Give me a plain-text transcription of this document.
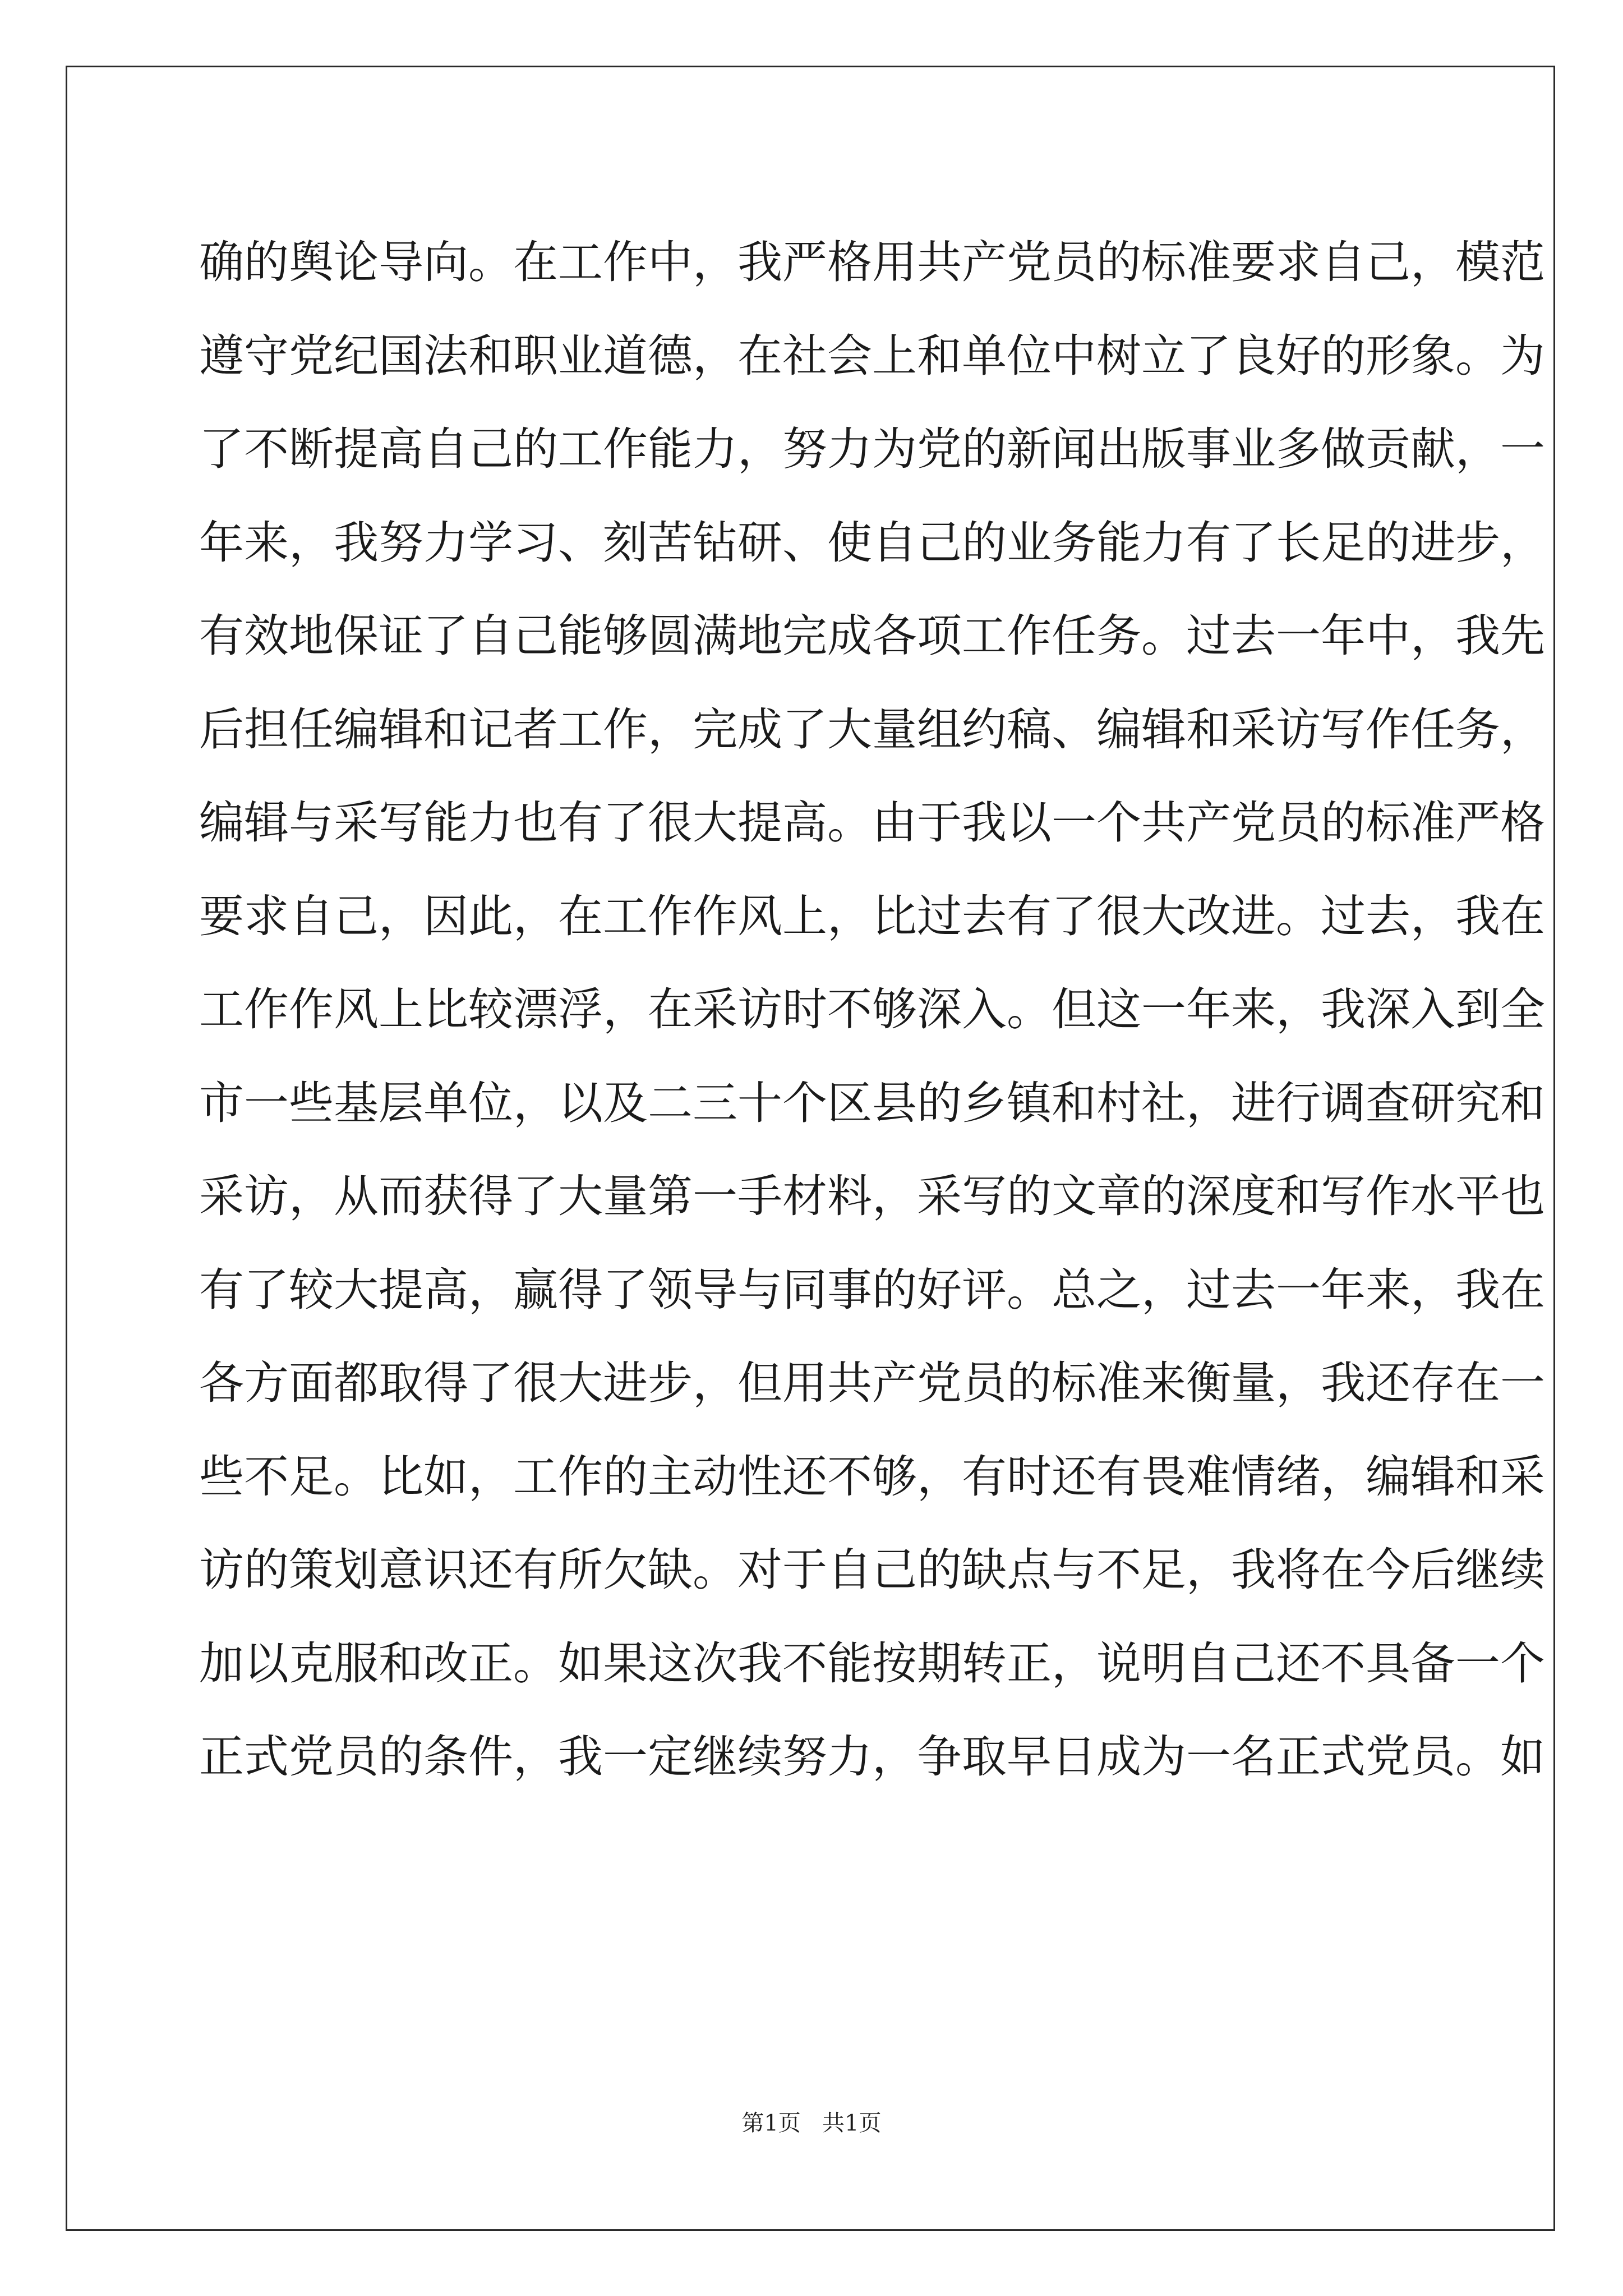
确的舆论导向。在工作中，我严格用共产党员的标准要求自己，模范
遵守党纪国法和职业道德，在社会上和单位中树立了良好的形象。为
了不断提高自己的工作能力，努力为党的新闻出版事业多做贡献，一
年来，我努力学习、刻苦钻研、使自己的业务能力有了长足的进步，
有效地保证了自己能够圆满地完成各项工作任务。过去一年中，我先
后担任编辑和记者工作，完成了大量组约稿、编辑和采访写作任务，
编辑与采写能力也有了很大提高。由于我以一个共产党员的标准严格
要求自己，因此，在工作作风上，比过去有了很大改进。过去，我在
工作作风上比较漂浮，在采访时不够深入。但这一年来，我深入到全
市一些基层单位，以及二三十个区县的乡镇和村社，进行调查研究和
采访，从而获得了大量第一手材料，采写的文章的深度和写作水平也
有了较大提高，赢得了领导与同事的好评。总之，过去一年来，我在
各方面都取得了很大进步，但用共产党员的标准来衡量，我还存在一
些不足。比如，工作的主动性还不够，有时还有畏难情绪，编辑和采
访的策划意识还有所欠缺。对于自己的缺点与不足，我将在今后继续
加以克服和改正。如果这次我不能按期转正，说明自己还不具备一个
正式党员的条件，我一定继续努力，争取早日成为一名正式党员。如
第1页   共1页
